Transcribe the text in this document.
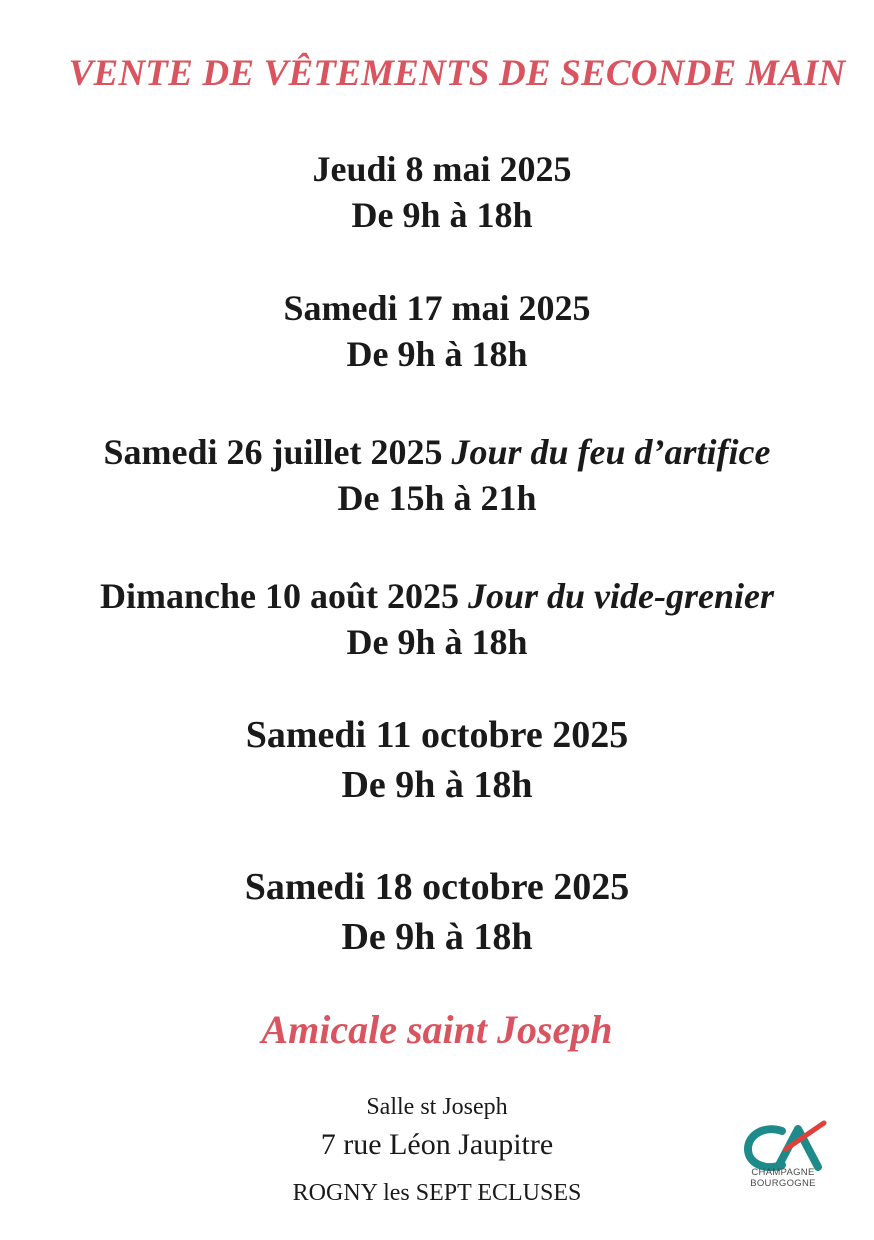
VENTE DE VÊTEMENTS DE SECONDE MAIN
Jeudi 8 mai 2025
De 9h à 18h
Samedi 17 mai 2025
De 9h à 18h
Samedi 26 juillet 2025 Jour du feu d’artifice
De 15h à 21h
Dimanche 10 août 2025 Jour du vide-grenier
De 9h à 18h
Samedi 11 octobre 2025
De 9h à 18h
Samedi 18 octobre 2025
De 9h à 18h
Amicale saint Joseph
Salle st Joseph
7 rue Léon Jaupitre
ROGNY les SEPT ECLUSES
CHAMPAGNE
BOURGOGNE
